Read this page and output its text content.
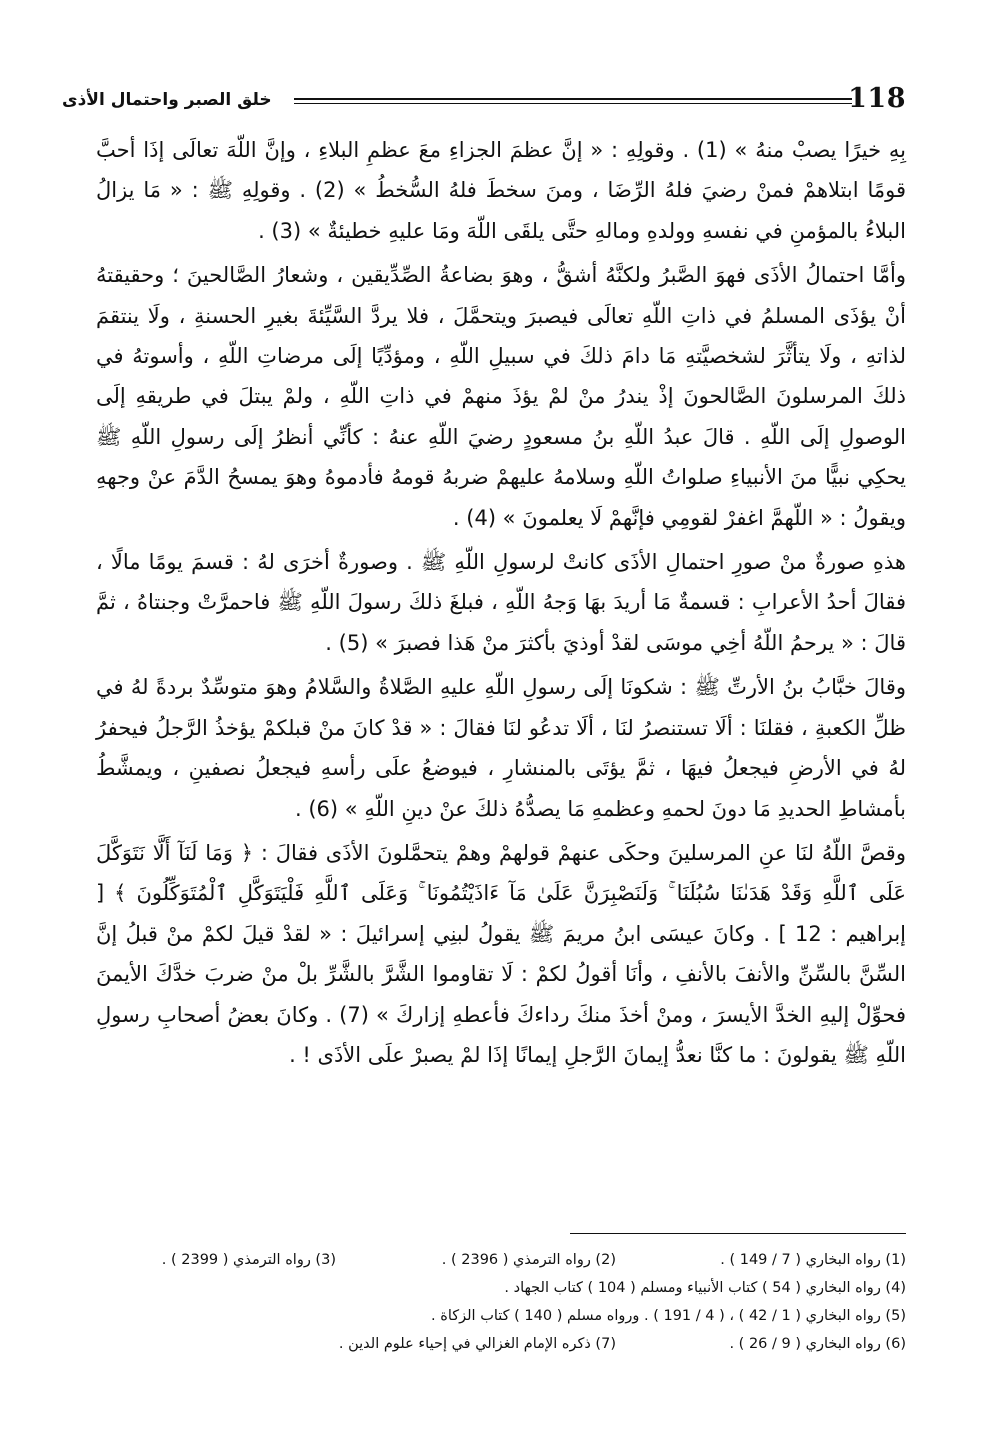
118
خلق الصبر واحتمال الأذى

بِهِ خيرًا يصبْ منهُ » (1) . وقولِهِ : « إنَّ عظمَ الجزاءِ معَ عظمِ البلاءِ ، وإنَّ اللّهَ تعالَى إذَا أحبَّ قومًا ابتلاهمْ فمنْ رضيَ فلهُ الرِّضَا ، ومنَ سخطَ فلهُ السُّخطُ » (2) . وقولِهِ ﷺ : « مَا يزالُ البلاءُ بالمؤمنِ في نفسهِ وولدهِ ومالهِ حتَّى يلقَى اللّهَ ومَا عليهِ خطيئةٌ » (3) .

وأمَّا احتمالُ الأذَى فهوَ الصَّبرُ ولكنَّهُ أشقُّ ، وهوَ بضاعةُ الصِّدِّيقين ، وشعارُ الصَّالحينَ ؛ وحقيقتهُ أنْ يؤذَى المسلمُ في ذاتِ اللّهِ تعالَى فيصبرَ ويتحمَّلَ ، فلا يردَّ السَّيِّئةَ بغيرِ الحسنةِ ، ولَا ينتقمَ لذاتهِ ، ولَا يتأثَّرَ لشخصيَّتهِ مَا دامَ ذلكَ في سبيلِ اللّهِ ، ومؤدِّيًا إلَى مرضاتِ اللّهِ ، وأسوتهُ في ذلكَ المرسلونَ الصَّالحونَ إذْ يندرُ منْ لمْ يؤذَ منهمْ في ذاتِ اللّهِ ، ولمْ يبتلَ في طريقهِ إلَى الوصولِ إلَى اللّهِ . قالَ عبدُ اللّهِ بنُ مسعودٍ رضيَ اللّهِ عنهُ : كأنِّي أنظرُ إلَى رسولِ اللّهِ ﷺ يحكِي نبيًّا منَ الأنبياءِ صلواتُ اللّهِ وسلامهُ عليهمْ ضربهُ قومهُ فأدموهُ وهوَ يمسحُ الدَّمَ عنْ وجههِ ويقولُ : « اللّهمَّ اغفرْ لقومِي فإنَّهمْ لَا يعلمونَ » (4) .

هذهِ صورةٌ منْ صورِ احتمالِ الأذَى كانتْ لرسولِ اللّهِ ﷺ . وصورةٌ أخرَى لهُ : قسمَ يومًا مالًا ، فقالَ أحدُ الأعرابِ : قسمةٌ مَا أريدَ بهَا وَجهُ اللّهِ ، فبلغَ ذلكَ رسولَ اللّهِ ﷺ فاحمرَّتْ وجنتاهُ ، ثمَّ قالَ : « يرحمُ اللّهُ أخِي موسَى لقدْ أوذيَ بأكثرَ منْ هَذا فصبرَ » (5) .

وقالَ خبَّابُ بنُ الأرتِّ ﷺ : شكونَا إلَى رسولِ اللّهِ عليهِ الصَّلاةُ والسَّلامُ وهوَ متوسِّدٌ بردةً لهُ في ظلِّ الكعبةِ ، فقلنَا : ألَا تستنصرُ لنَا ، ألَا تدعُو لنَا فقالَ : « قدْ كانَ منْ قبلكمْ يؤخذُ الرَّجلُ فيحفرُ لهُ في الأرضِ فيجعلُ فيهَا ، ثمَّ يؤتَى بالمنشارِ ، فيوضعُ علَى رأسهِ فيجعلُ نصفينِ ، ويمشَّطُ بأمشاطِ الحديدِ مَا دونَ لحمهِ وعظمهِ مَا يصدُّهُ ذلكَ عنْ دينِ اللّهِ » (6) .

وقصَّ اللّهُ لنَا عنِ المرسلينَ وحكَى عنهمْ قولهمْ وهمْ يتحمَّلونَ الأذَى فقالَ : ﴿ وَمَا لَنَآ أَلَّا نَتَوَكَّلَ عَلَى ٱللَّهِ وَقَدْ هَدَىٰنَا سُبُلَنَا ۚ وَلَنَصْبِرَنَّ عَلَىٰ مَآ ءَاذَيْتُمُونَا ۚ وَعَلَى ٱللَّهِ فَلْيَتَوَكَّلِ ٱلْمُتَوَكِّلُونَ ﴾ [ إبراهيم : 12 ] . وكانَ عيسَى ابنُ مريمَ ﷺ يقولُ لبنِي إسرائيلَ : « لقدْ قيلَ لكمْ منْ قبلُ إنَّ السِّنَّ بالسِّنِّ والأنفَ بالأنفِ ، وأنَا أقولُ لكمْ : لَا تقاوموا الشَّرَّ بالشَّرِّ بلْ منْ ضربَ خدَّكَ الأيمنَ فحوِّلْ إليهِ الخدَّ الأيسرَ ، ومنْ أخذَ منكَ رداءكَ فأعطهِ إزاركَ » (7) . وكانَ بعضُ أصحابِ رسولِ اللّهِ ﷺ يقولونَ : ما كنَّا نعدُّ إيمانَ الرَّجلِ إيمانًا إذَا لمْ يصبرْ علَى الأذَى ! .

(1) رواه البخاري ( 7 / 149 ) .
(2) رواه الترمذي ( 2396 ) .
(3) رواه الترمذي ( 2399 ) .
(4) رواه البخاري ( 54 ) كتاب الأنبياء ومسلم ( 104 ) كتاب الجهاد .
(5) رواه البخاري ( 1 / 42 ) ، ( 4 / 191 ) . ورواه مسلم ( 140 ) كتاب الزكاة .
(6) رواه البخاري ( 9 / 26 ) .
(7) ذكره الإمام الغزالي في إحياء علوم الدين .
